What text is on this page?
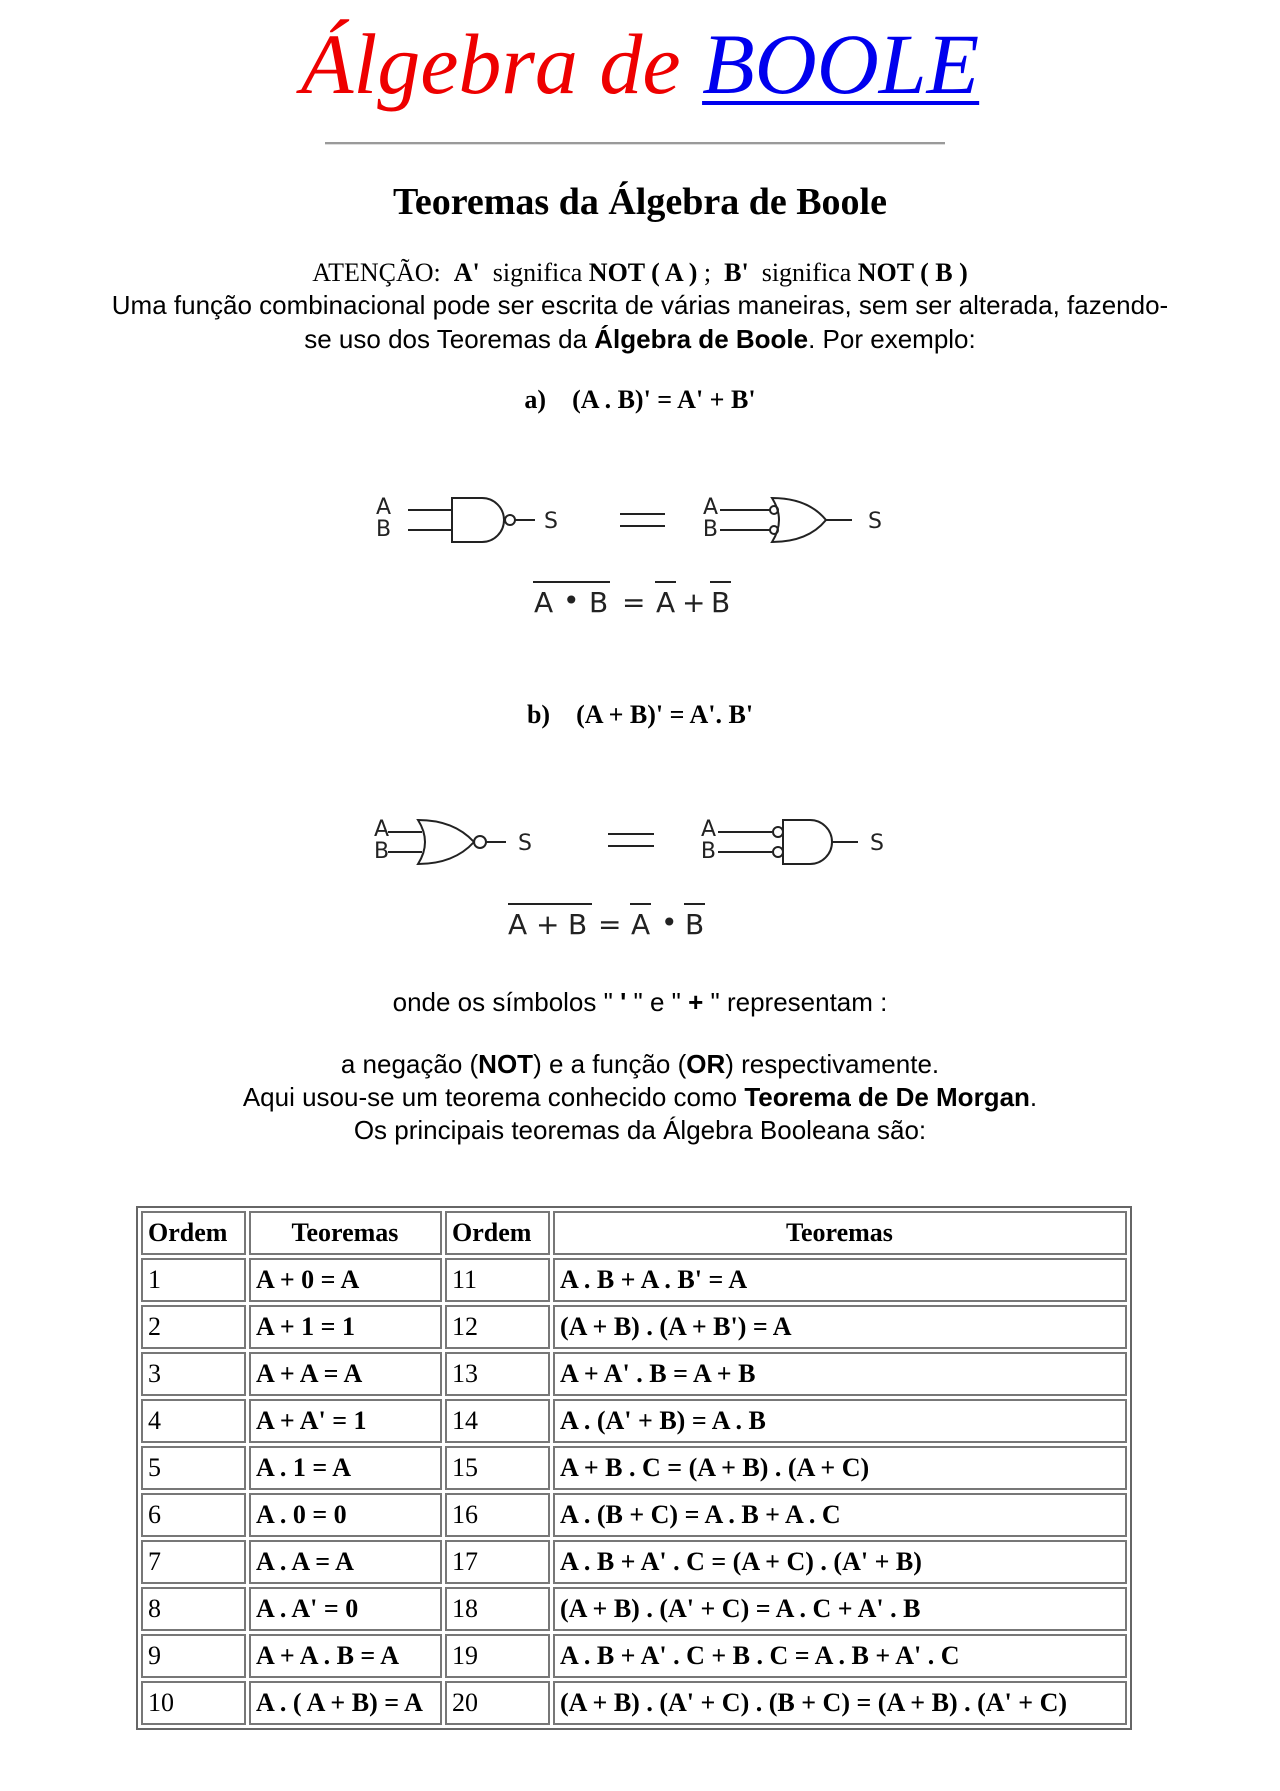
Álgebra de BOOLE
Teoremas da Álgebra de Boole
ATENÇÃO: A' significa NOT ( A ) ; B' significa NOT ( B )
Uma função combinacional pode ser escrita de várias maneiras, sem ser alterada, fazendo-
se uso dos Teoremas da Álgebra de Boole. Por exemplo:
a) (A . B)' = A' + B'
A
B	S
A
B	S
A • B = A + B
b) (A + B)' = A'. B'
A
B	S
A
B	S
A + B = A • B
onde os símbolos " ' " e " + " representam :
a negação (NOT) e a função (OR) respectivamente.
Aqui usou-se um teorema conhecido como Teorema de De Morgan.
Os principais teoremas da Álgebra Booleana são:
Ordem	Teoremas	Ordem	Teoremas
1	A + 0 = A	11	A . B + A . B' = A
2	A + 1 = 1	12	(A + B) . (A + B') = A
3	A + A = A	13	A + A' . B = A + B
4	A + A' = 1	14	A . (A' + B) = A . B
5	A . 1 = A	15	A + B . C = (A + B) . (A + C)
6	A . 0 = 0	16	A . (B + C) = A . B + A . C
7	A . A = A	17	A . B + A' . C = (A + C) . (A' + B)
8	A . A' = 0	18	(A + B) . (A' + C) = A . C + A' . B
9	A + A . B = A	19	A . B + A' . C + B . C = A . B + A' . C
10	A . ( A + B) = A	20	(A + B) . (A' + C) . (B + C) = (A + B) . (A' + C)
